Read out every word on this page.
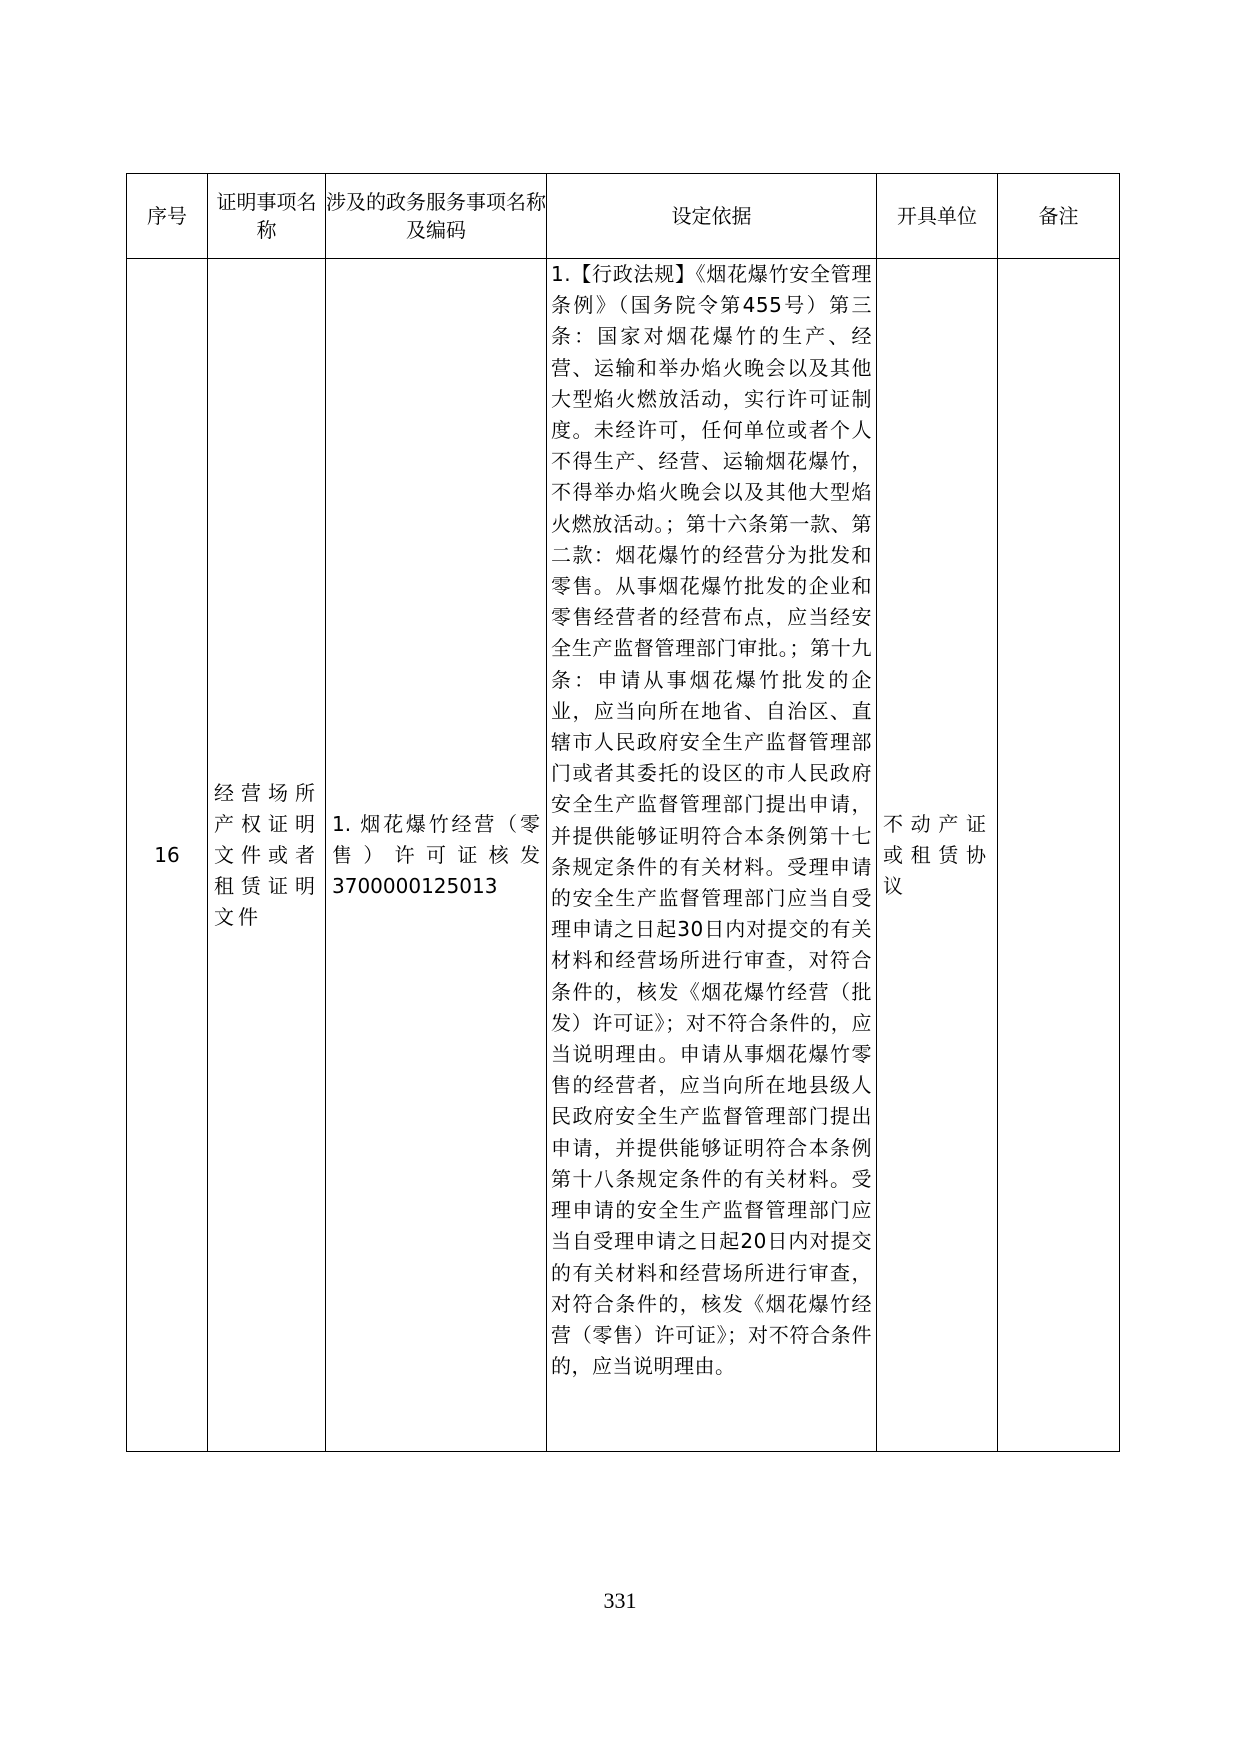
序号	证明事项名称	涉及的政务服务事项名称及编码	设定依据	开具单位	备注
16	经营场所产权证明文件或者租赁证明文件	1. 烟花爆竹经营（零售）许可证核发3700000125013	1.【行政法规】《烟花爆竹安全管理条例》（国务院令第455号）第三条：国家对烟花爆竹的生产、经营、运输和举办焰火晚会以及其他大型焰火燃放活动，实行许可证制度。未经许可，任何单位或者个人不得生产、经营、运输烟花爆竹，不得举办焰火晚会以及其他大型焰火燃放活动。；第十六条第一款、第二款：烟花爆竹的经营分为批发和零售。从事烟花爆竹批发的企业和零售经营者的经营布点，应当经安全生产监督管理部门审批。；第十九条：申请从事烟花爆竹批发的企业，应当向所在地省、自治区、直辖市人民政府安全生产监督管理部门或者其委托的设区的市人民政府安全生产监督管理部门提出申请，并提供能够证明符合本条例第十七条规定条件的有关材料。受理申请的安全生产监督管理部门应当自受理申请之日起30日内对提交的有关材料和经营场所进行审查，对符合条件的，核发《烟花爆竹经营（批发）许可证》；对不符合条件的，应当说明理由。申请从事烟花爆竹零售的经营者，应当向所在地县级人民政府安全生产监督管理部门提出申请，并提供能够证明符合本条例第十八条规定条件的有关材料。受理申请的安全生产监督管理部门应当自受理申请之日起20日内对提交的有关材料和经营场所进行审查，对符合条件的，核发《烟花爆竹经营（零售）许可证》；对不符合条件的，应当说明理由。	不动产证或租赁协议	
331
